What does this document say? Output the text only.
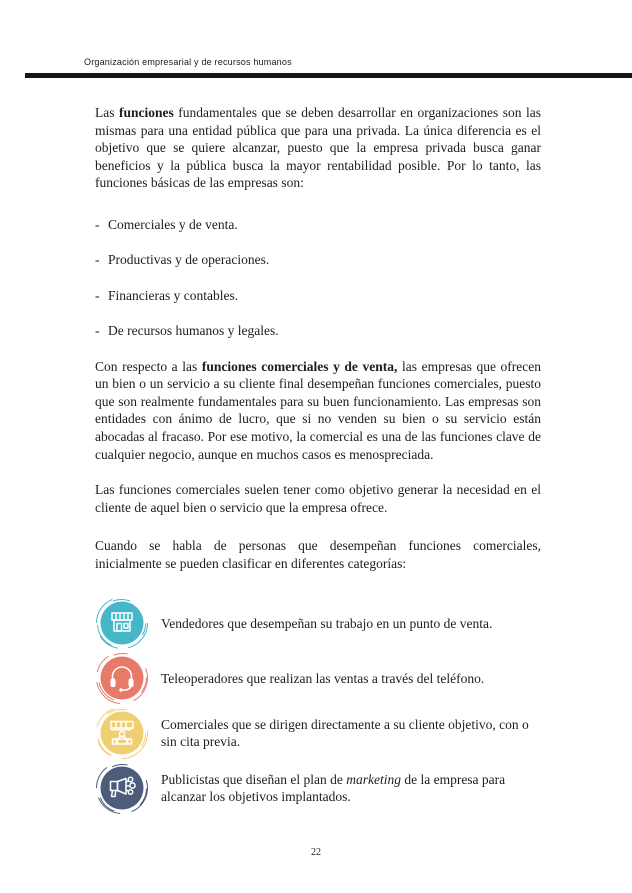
Organización empresarial y de recursos humanos

Las funciones fundamentales que se deben desarrollar en organizaciones son las mismas para una entidad pública que para una privada. La única diferencia es el objetivo que se quiere alcanzar, puesto que la empresa privada busca ganar beneficios y la pública busca la mayor rentabilidad posible. Por lo tanto, las funciones básicas de las empresas son:

- Comerciales y de venta.
- Productivas y de operaciones.
- Financieras y contables.
- De recursos humanos y legales.

Con respecto a las funciones comerciales y de venta, las empresas que ofrecen un bien o un servicio a su cliente final desempeñan funciones comerciales, puesto que son realmente fundamentales para su buen funcionamiento. Las empresas son entidades con ánimo de lucro, que si no venden su bien o su servicio están abocadas al fracaso. Por ese motivo, la comercial es una de las funciones clave de cualquier negocio, aunque en muchos casos es menospreciada.

Las funciones comerciales suelen tener como objetivo generar la necesidad en el cliente de aquel bien o servicio que la empresa ofrece.

Cuando se habla de personas que desempeñan funciones comerciales, inicialmente se pueden clasificar en diferentes categorías:

Vendedores que desempeñan su trabajo en un punto de venta.
Teleoperadores que realizan las ventas a través del teléfono.
Comerciales que se dirigen directamente a su cliente objetivo, con o sin cita previa.
Publicistas que diseñan el plan de marketing de la empresa para alcanzar los objetivos implantados.
22
